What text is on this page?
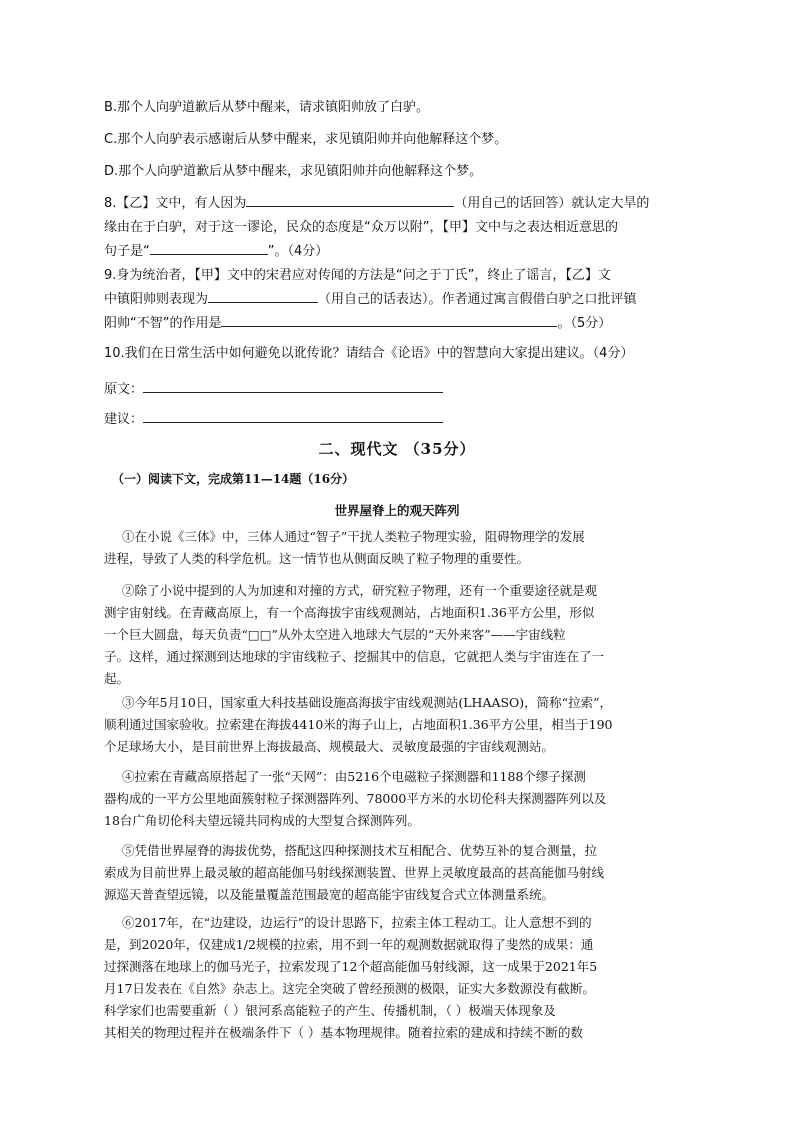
B.那个人向驴道歉后从梦中醒来，请求镇阳帅放了白驴。

C.那个人向驴表示感谢后从梦中醒来，求见镇阳帅并向他解释这个梦。

D.那个人向驴道歉后从梦中醒来，求见镇阳帅并向他解释这个梦。

8.【乙】文中，有人因为	（用自己的话回答）就认定大旱的
缘由在于白驴，对于这一谬论，民众的态度是“众万以附”，【甲】文中与之表达相近意思的
句子是“	”。（4分）
9.身为统治者，【甲】文中的宋君应对传闻的方法是“问之于丁氏”，终止了谣言，【乙】文
中镇阳帅则表现为	（用自己的话表达）。作者通过寓言假借白驴之口批评镇
阳帅“不智”的作用是	。（5分）

10.我们在日常生活中如何避免以讹传讹？请结合《论语》中的智慧向大家提出建议。（4分）

原文：
建议：
二、现代文 （35分）
（一）阅读下文，完成第11—14题（16分）
世界屋脊上的观天阵列
①在小说《三体》中，三体人通过“智子”干扰人类粒子物理实验，阻碍物理学的发展
进程，导致了人类的科学危机。这一情节也从侧面反映了粒子物理的重要性。
②除了小说中提到的人为加速和对撞的方式，研究粒子物理，还有一个重要途径就是观
测宇宙射线。在青藏高原上，有一个高海拔宇宙线观测站，占地面积1.36平方公里，形似
一个巨大圆盘，每天负责“□□”从外太空进入地球大气层的“天外来客”——宇宙线粒
子。这样，通过探测到达地球的宇宙线粒子、挖掘其中的信息，它就把人类与宇宙连在了一
起。
③今年5月10日，国家重大科技基础设施高海拔宇宙线观测站(LHAASO)，简称“拉索”，
顺利通过国家验收。拉索建在海拔4410米的海子山上，占地面积1.36平方公里，相当于190
个足球场大小，是目前世界上海拔最高、规模最大、灵敏度最强的宇宙线观测站。
④拉索在青藏高原搭起了一张“天网”：由5216个电磁粒子探测器和1188个缪子探测
器构成的一平方公里地面簇射粒子探测器阵列、78000平方米的水切伦科夫探测器阵列以及
18台广角切伦科夫望远镜共同构成的大型复合探测阵列。
⑤凭借世界屋脊的海拔优势，搭配这四种探测技术互相配合、优势互补的复合测量，拉
索成为目前世界上最灵敏的超高能伽马射线探测装置、世界上灵敏度最高的甚高能伽马射线
源巡天普查望远镜，以及能量覆盖范围最宽的超高能宇宙线复合式立体测量系统。
⑥2017年，在“边建设，边运行”的设计思路下，拉索主体工程动工。让人意想不到的
是，到2020年，仅建成1/2规模的拉索，用不到一年的观测数据就取得了斐然的成果：通
过探测落在地球上的伽马光子，拉索发现了12个超高能伽马射线源，这一成果于2021年5
月17日发表在《自然》杂志上。这完全突破了曾经预测的极限，证实大多数源没有截断。
科学家们也需要重新（ ）银河系高能粒子的产生、传播机制，（ ）极端天体现象及
其相关的物理过程并在极端条件下（ ）基本物理规律。随着拉索的建成和持续不断的数
